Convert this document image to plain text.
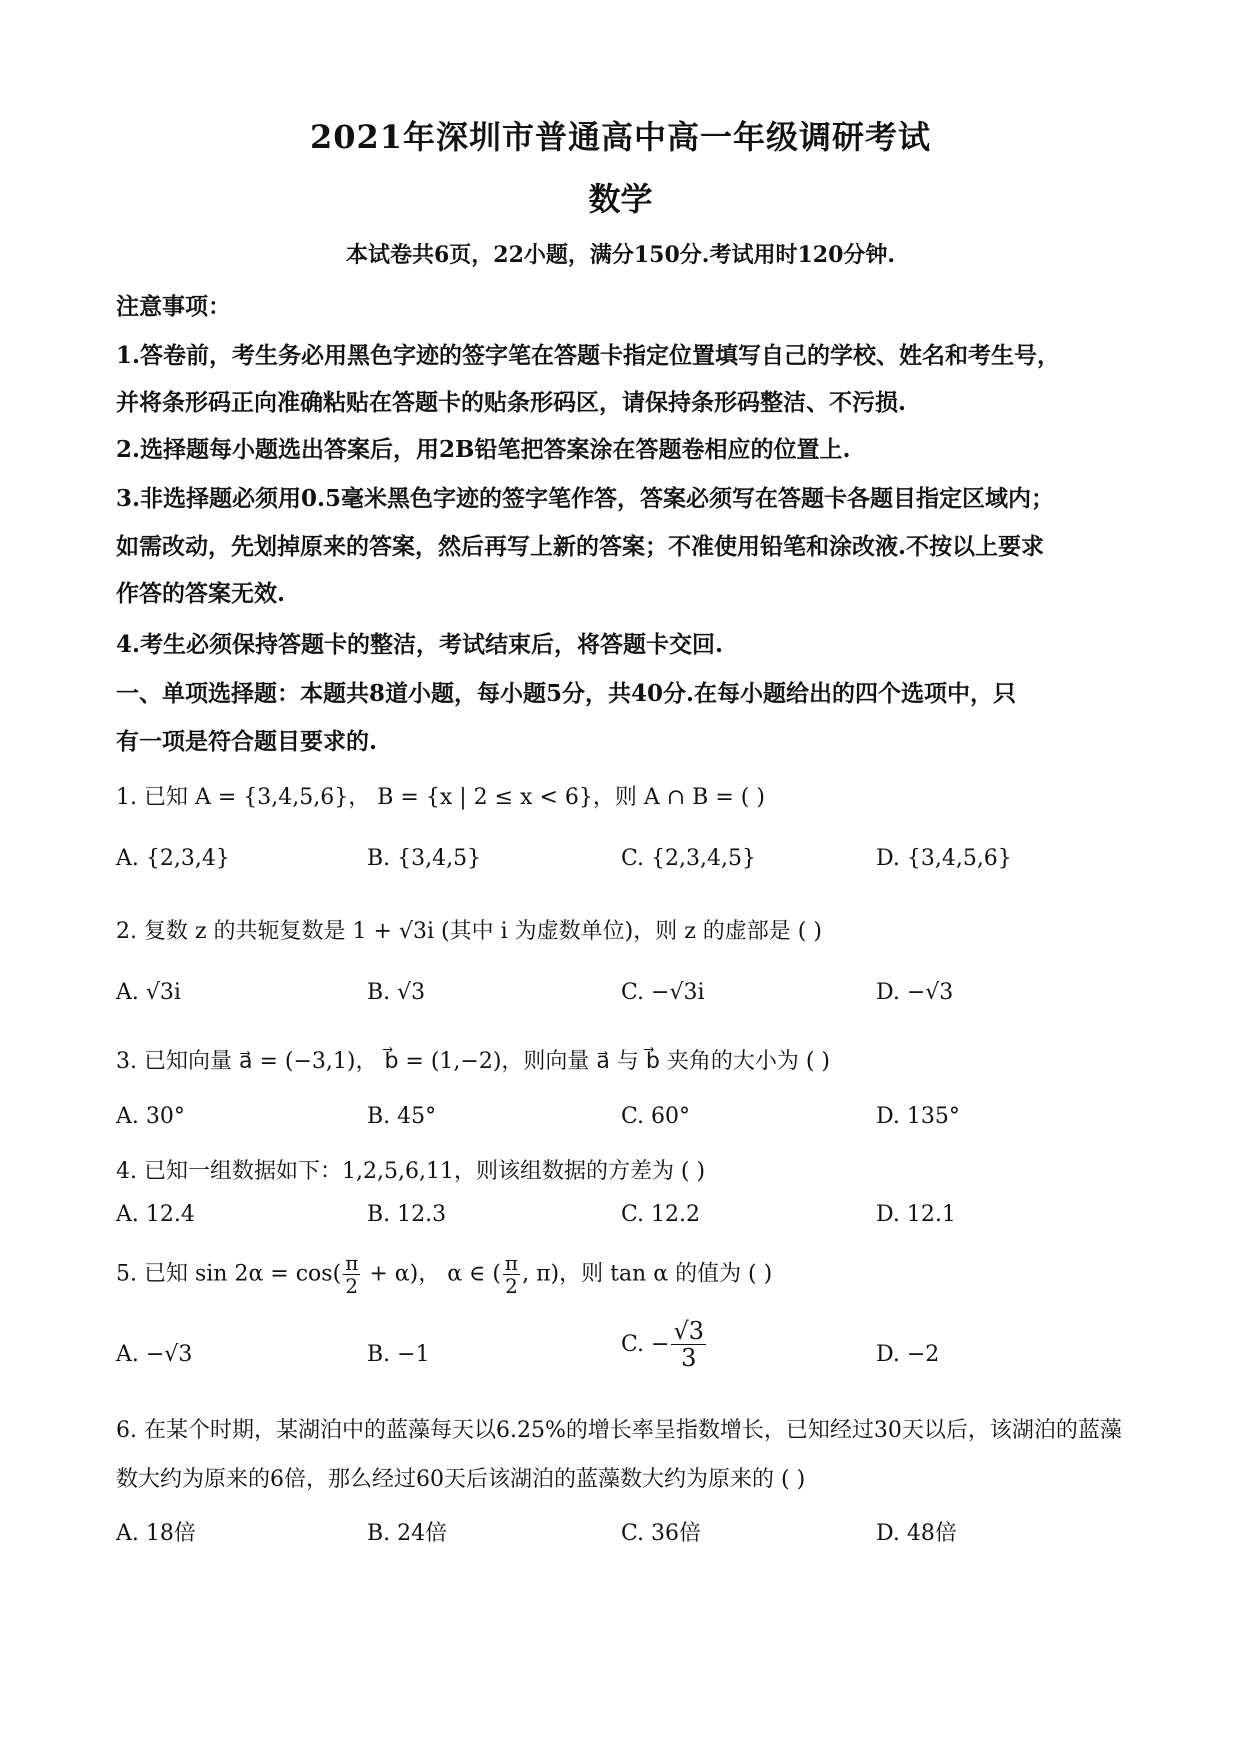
2021年深圳市普通高中高一年级调研考试
数学
本试卷共6页，22小题，满分150分.考试用时120分钟.
注意事项：
1.答卷前，考生务必用黑色字迹的签字笔在答题卡指定位置填写自己的学校、姓名和考生号，
并将条形码正向准确粘贴在答题卡的贴条形码区，请保持条形码整洁、不污损.
2.选择题每小题选出答案后，用2B铅笔把答案涂在答题卷相应的位置上.
3.非选择题必须用0.5毫米黑色字迹的签字笔作答，答案必须写在答题卡各题目指定区域内；
如需改动，先划掉原来的答案，然后再写上新的答案；不准使用铅笔和涂改液.不按以上要求
作答的答案无效.
4.考生必须保持答题卡的整洁，考试结束后，将答题卡交回.
一、单项选择题：本题共8道小题，每小题5分，共40分.在每小题给出的四个选项中，只
有一项是符合题目要求的.
1. 已知 A = {3,4,5,6}， B = {x | 2 ≤ x < 6}，则 A ∩ B = ( )
A. {2,3,4}	B. {3,4,5}	C. {2,3,4,5}	D. {3,4,5,6}
2. 复数 z 的共轭复数是 1 + √3i (其中 i 为虚数单位)，则 z 的虚部是 ( )
A. √3i	B. √3	C. −√3i	D. −√3
3. 已知向量 a⃗ = (−3,1)， b⃗ = (1,−2)，则向量 a⃗ 与 b⃗ 夹角的大小为 ( )
A. 30°	B. 45°	C. 60°	D. 135°
4. 已知一组数据如下：1,2,5,6,11，则该组数据的方差为 ( )
A. 12.4	B. 12.3	C. 12.2	D. 12.1
5. 已知 $\sin 2\alpha = \cos( \frac{\pi}{2} + \alpha)$， α ∈ ( $\frac{\pi}{2}$ , π)，则 tan α 的值为 ( )
A. −√3	B. −1	C. − $\frac{√3}{3}$	D. −2
6. 在某个时期，某湖泊中的蓝藻每天以6.25%的增长率呈指数增长，已知经过30天以后，该湖泊的蓝藻
数大约为原来的6倍，那么经过60天后该湖泊的蓝藻数大约为原来的 ( )
A. 18倍	B. 24倍	C. 36倍	D. 48倍
